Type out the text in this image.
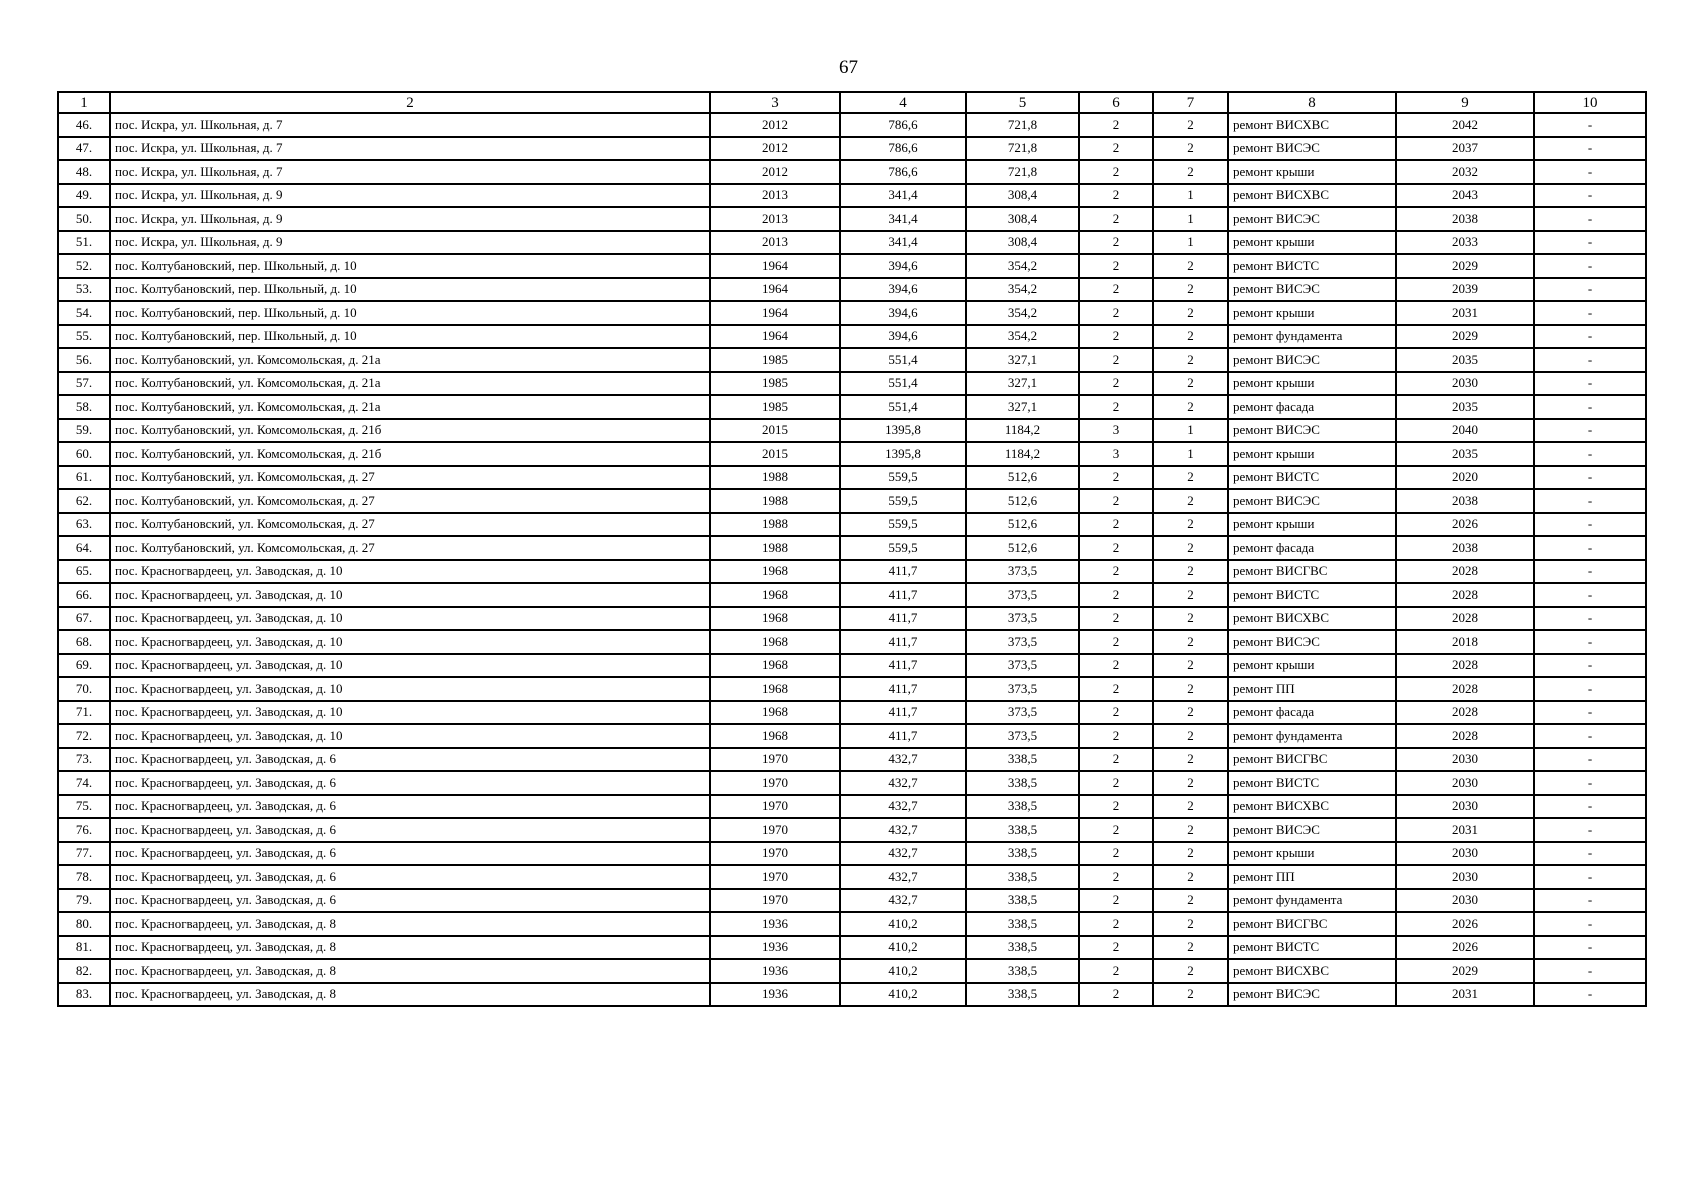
67
1	2	3	4	5	6	7	8	9	10
46.	пос. Искра, ул. Школьная, д. 7	2012	786,6	721,8	2	2	ремонт ВИСХВС	2042	-
47.	пос. Искра, ул. Школьная, д. 7	2012	786,6	721,8	2	2	ремонт ВИСЭС	2037	-
48.	пос. Искра, ул. Школьная, д. 7	2012	786,6	721,8	2	2	ремонт крыши	2032	-
49.	пос. Искра, ул. Школьная, д. 9	2013	341,4	308,4	2	1	ремонт ВИСХВС	2043	-
50.	пос. Искра, ул. Школьная, д. 9	2013	341,4	308,4	2	1	ремонт ВИСЭС	2038	-
51.	пос. Искра, ул. Школьная, д. 9	2013	341,4	308,4	2	1	ремонт крыши	2033	-
52.	пос. Колтубановский, пер. Школьный, д. 10	1964	394,6	354,2	2	2	ремонт ВИСТС	2029	-
53.	пос. Колтубановский, пер. Школьный, д. 10	1964	394,6	354,2	2	2	ремонт ВИСЭС	2039	-
54.	пос. Колтубановский, пер. Школьный, д. 10	1964	394,6	354,2	2	2	ремонт крыши	2031	-
55.	пос. Колтубановский, пер. Школьный, д. 10	1964	394,6	354,2	2	2	ремонт фундамента	2029	-
56.	пос. Колтубановский, ул. Комсомольская, д. 21а	1985	551,4	327,1	2	2	ремонт ВИСЭС	2035	-
57.	пос. Колтубановский, ул. Комсомольская, д. 21а	1985	551,4	327,1	2	2	ремонт крыши	2030	-
58.	пос. Колтубановский, ул. Комсомольская, д. 21а	1985	551,4	327,1	2	2	ремонт фасада	2035	-
59.	пос. Колтубановский, ул. Комсомольская, д. 21б	2015	1395,8	1184,2	3	1	ремонт ВИСЭС	2040	-
60.	пос. Колтубановский, ул. Комсомольская, д. 21б	2015	1395,8	1184,2	3	1	ремонт крыши	2035	-
61.	пос. Колтубановский, ул. Комсомольская, д. 27	1988	559,5	512,6	2	2	ремонт ВИСТС	2020	-
62.	пос. Колтубановский, ул. Комсомольская, д. 27	1988	559,5	512,6	2	2	ремонт ВИСЭС	2038	-
63.	пос. Колтубановский, ул. Комсомольская, д. 27	1988	559,5	512,6	2	2	ремонт крыши	2026	-
64.	пос. Колтубановский, ул. Комсомольская, д. 27	1988	559,5	512,6	2	2	ремонт фасада	2038	-
65.	пос. Красногвардеец, ул. Заводская, д. 10	1968	411,7	373,5	2	2	ремонт ВИСГВС	2028	-
66.	пос. Красногвардеец, ул. Заводская, д. 10	1968	411,7	373,5	2	2	ремонт ВИСТС	2028	-
67.	пос. Красногвардеец, ул. Заводская, д. 10	1968	411,7	373,5	2	2	ремонт ВИСХВС	2028	-
68.	пос. Красногвардеец, ул. Заводская, д. 10	1968	411,7	373,5	2	2	ремонт ВИСЭС	2018	-
69.	пос. Красногвардеец, ул. Заводская, д. 10	1968	411,7	373,5	2	2	ремонт крыши	2028	-
70.	пос. Красногвардеец, ул. Заводская, д. 10	1968	411,7	373,5	2	2	ремонт ПП	2028	-
71.	пос. Красногвардеец, ул. Заводская, д. 10	1968	411,7	373,5	2	2	ремонт фасада	2028	-
72.	пос. Красногвардеец, ул. Заводская, д. 10	1968	411,7	373,5	2	2	ремонт фундамента	2028	-
73.	пос. Красногвардеец, ул. Заводская, д. 6	1970	432,7	338,5	2	2	ремонт ВИСГВС	2030	-
74.	пос. Красногвардеец, ул. Заводская, д. 6	1970	432,7	338,5	2	2	ремонт ВИСТС	2030	-
75.	пос. Красногвардеец, ул. Заводская, д. 6	1970	432,7	338,5	2	2	ремонт ВИСХВС	2030	-
76.	пос. Красногвардеец, ул. Заводская, д. 6	1970	432,7	338,5	2	2	ремонт ВИСЭС	2031	-
77.	пос. Красногвардеец, ул. Заводская, д. 6	1970	432,7	338,5	2	2	ремонт крыши	2030	-
78.	пос. Красногвардеец, ул. Заводская, д. 6	1970	432,7	338,5	2	2	ремонт ПП	2030	-
79.	пос. Красногвардеец, ул. Заводская, д. 6	1970	432,7	338,5	2	2	ремонт фундамента	2030	-
80.	пос. Красногвардеец, ул. Заводская, д. 8	1936	410,2	338,5	2	2	ремонт ВИСГВС	2026	-
81.	пос. Красногвардеец, ул. Заводская, д. 8	1936	410,2	338,5	2	2	ремонт ВИСТС	2026	-
82.	пос. Красногвардеец, ул. Заводская, д. 8	1936	410,2	338,5	2	2	ремонт ВИСХВС	2029	-
83.	пос. Красногвардеец, ул. Заводская, д. 8	1936	410,2	338,5	2	2	ремонт ВИСЭС	2031	-
